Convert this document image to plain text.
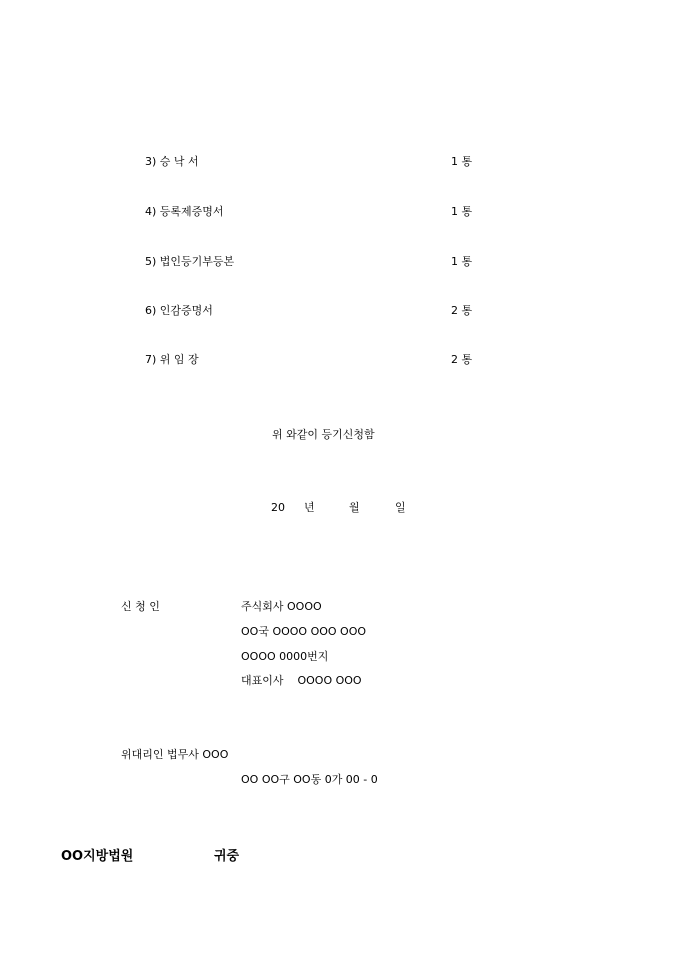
3) 승 낙 서	1 통
4) 등록제증명서	1 통
5) 법인등기부등본	1 통
6) 인감증명서	2 통
7) 위 임 장	2 통
위 와같이 등기신청함
20 년	월	일
신 청 인	주식회사 OOOO
OO국 OOOO OOO OOO
OOOO 0000번지
대표이사    OOOO OOO
위대리인 법무사 OOO
OO OO구 OO동 0가 00 - 0
OO지방법원	귀중
